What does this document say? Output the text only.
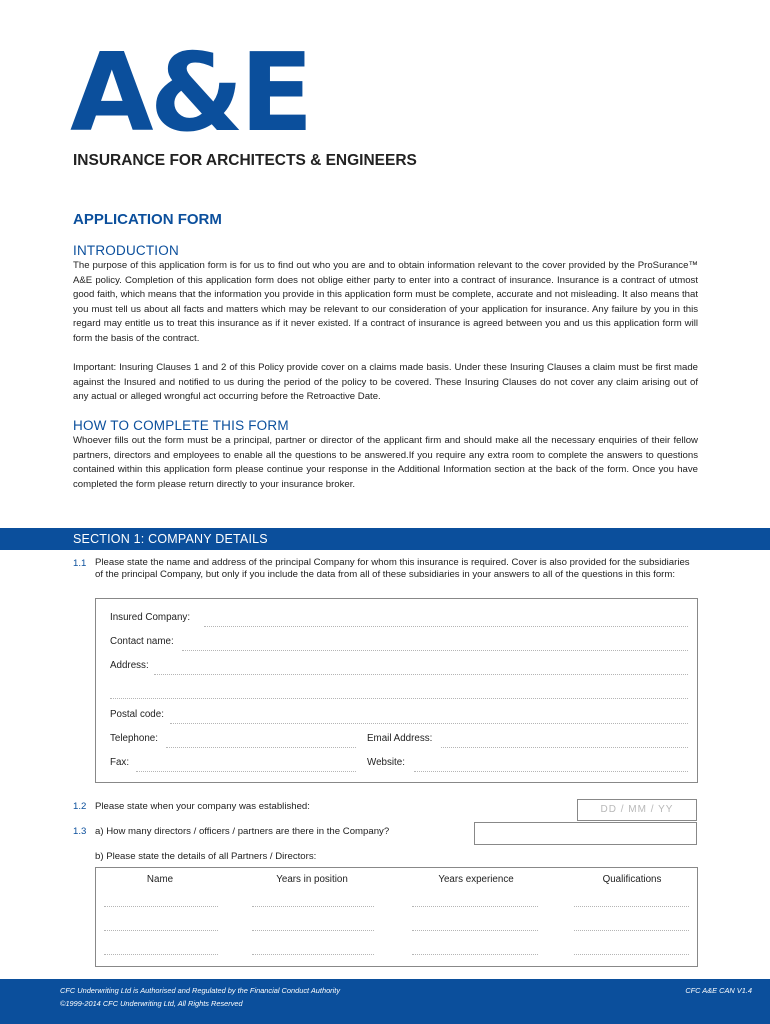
A&E
INSURANCE FOR ARCHITECTS & ENGINEERS
APPLICATION FORM
INTRODUCTION
The purpose of this application form is for us to find out who you are and to obtain information relevant to the cover provided by the ProSurance™ A&E policy. Completion of this application form does not oblige either party to enter into a contract of insurance. Insurance is a contract of utmost good faith, which means that the information you provide in this application form must be complete, accurate and not misleading. It also means that you must tell us about all facts and matters which may be relevant to our consideration of your application for insurance. Any failure by you in this regard may entitle us to treat this insurance as if it never existed. If a contract of insurance is agreed between you and us this application form will form the basis of the contract.
Important: Insuring Clauses 1 and 2 of this Policy provide cover on a claims made basis. Under these Insuring Clauses a claim must be first made against the Insured and notified to us during the period of the policy to be covered. These Insuring Clauses do not cover any claim arising out of any actual or alleged wrongful act occurring before the Retroactive Date.
HOW TO COMPLETE THIS FORM
Whoever fills out the form must be a principal, partner or director of the applicant firm and should make all the necessary enquiries of their fellow partners, directors and employees to enable all the questions to be answered.If you require any extra room to complete the answers to questions contained within this application form please continue your response in the Additional Information section at the back of the form. Once you have completed the form please return directly to your insurance broker.
SECTION 1: COMPANY DETAILS
1.1 Please state the name and address of the principal Company for whom this insurance is required. Cover is also provided for the subsidiaries of the principal Company, but only if you include the data from all of these subsidiaries in your answers to all of the questions in this form:
Insured Company:
Contact name:
Address:
Postal code:
Telephone:	Email Address:
Fax:	Website:
1.2 Please state when your company was established:	DD / MM / YY
1.3 a) How many directors / officers / partners are there in the Company?
b) Please state the details of all Partners / Directors:
Name	Years in position	Years experience	Qualifications
CFC Underwriting Ltd is Authorised and Regulated by the Financial Conduct Authority
©1999-2014 CFC Underwriting Ltd, All Rights Reserved
CFC A&E CAN V1.4
